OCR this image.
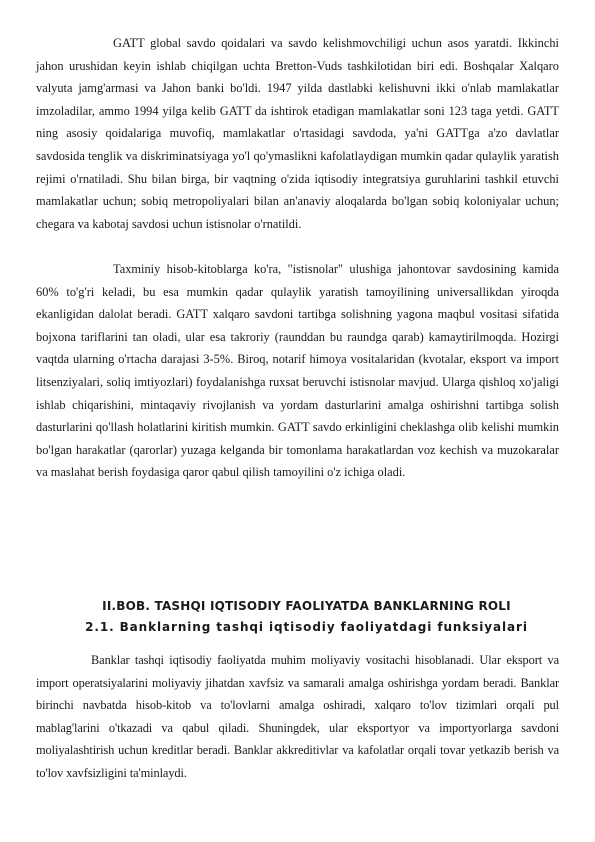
GATT global savdo qoidalari va savdo kelishmovchiligi uchun asos yaratdi. Ikkinchi jahon urushidan keyin ishlab chiqilgan uchta Bretton-Vuds tashkilotidan biri edi. Boshqalar Xalqaro valyuta jamg'armasi va Jahon banki bo'ldi. 1947 yilda dastlabki kelishuvni ikki o'nlab mamlakatlar imzoladilar, ammo 1994 yilga kelib GATT da ishtirok etadigan mamlakatlar soni 123 taga yetdi. GATT ning asosiy qoidalariga muvofiq, mamlakatlar o'rtasidagi savdoda, ya'ni GATTga a'zo davlatlar savdosida tenglik va diskriminatsiyaga yo'l qo'ymaslikni kafolatlaydigan mumkin qadar qulaylik yaratish rejimi o'rnatiladi. Shu bilan birga, bir vaqtning o'zida iqtisodiy integratsiya guruhlarini tashkil etuvchi mamlakatlar uchun; sobiq metropoliyalari bilan an'anaviy aloqalarda bo'lgan sobiq koloniyalar uchun; chegara va kabotaj savdosi uchun istisnolar o'rnatildi.

Taxminiy hisob-kitoblarga ko'ra, "istisnolar" ulushiga jahontovar savdosining kamida 60% to'g'ri keladi, bu esa mumkin qadar qulaylik yaratish tamoyilining universallikdan yiroqda ekanligidan dalolat beradi. GATT xalqaro savdoni tartibga solishning yagona maqbul vositasi sifatida bojxona tariflarini tan oladi, ular esa takroriy (raunddan bu raundga qarab) kamaytirilmoqda. Hozirgi vaqtda ularning o'rtacha darajasi 3-5%. Biroq, notarif himoya vositalaridan (kvotalar, eksport va import litsenziyalari, soliq imtiyozlari) foydalanishga ruxsat beruvchi istisnolar mavjud. Ularga qishloq xo'jaligi ishlab chiqarishini, mintaqaviy rivojlanish va yordam dasturlarini amalga oshirishni tartibga solish dasturlarini qo'llash holatlarini kiritish mumkin. GATT savdo erkinligini cheklashga olib kelishi mumkin bo'lgan harakatlar (qarorlar) yuzaga kelganda bir tomonlama harakatlardan voz kechish va muzokaralar va maslahat berish foydasiga qaror qabul qilish tamoyilini o'z ichiga oladi.

II.BOB. TASHQI IQTISODIY FAOLIYATDA BANKLARNING ROLI
2.1. Banklarning tashqi iqtisodiy faoliyatdagi funksiyalari

Banklar tashqi iqtisodiy faoliyatda muhim moliyaviy vositachi hisoblanadi. Ular eksport va import operatsiyalarini moliyaviy jihatdan xavfsiz va samarali amalga oshirishga yordam beradi. Banklar birinchi navbatda hisob-kitob va to'lovlarni amalga oshiradi, xalqaro to'lov tizimlari orqali pul mablag'larini o'tkazadi va qabul qiladi. Shuningdek, ular eksportyor va importyorlarga savdoni moliyalashtirish uchun kreditlar beradi. Banklar akkreditivlar va kafolatlar orqali tovar yetkazib berish va to'lov xavfsizligini ta'minlaydi.
